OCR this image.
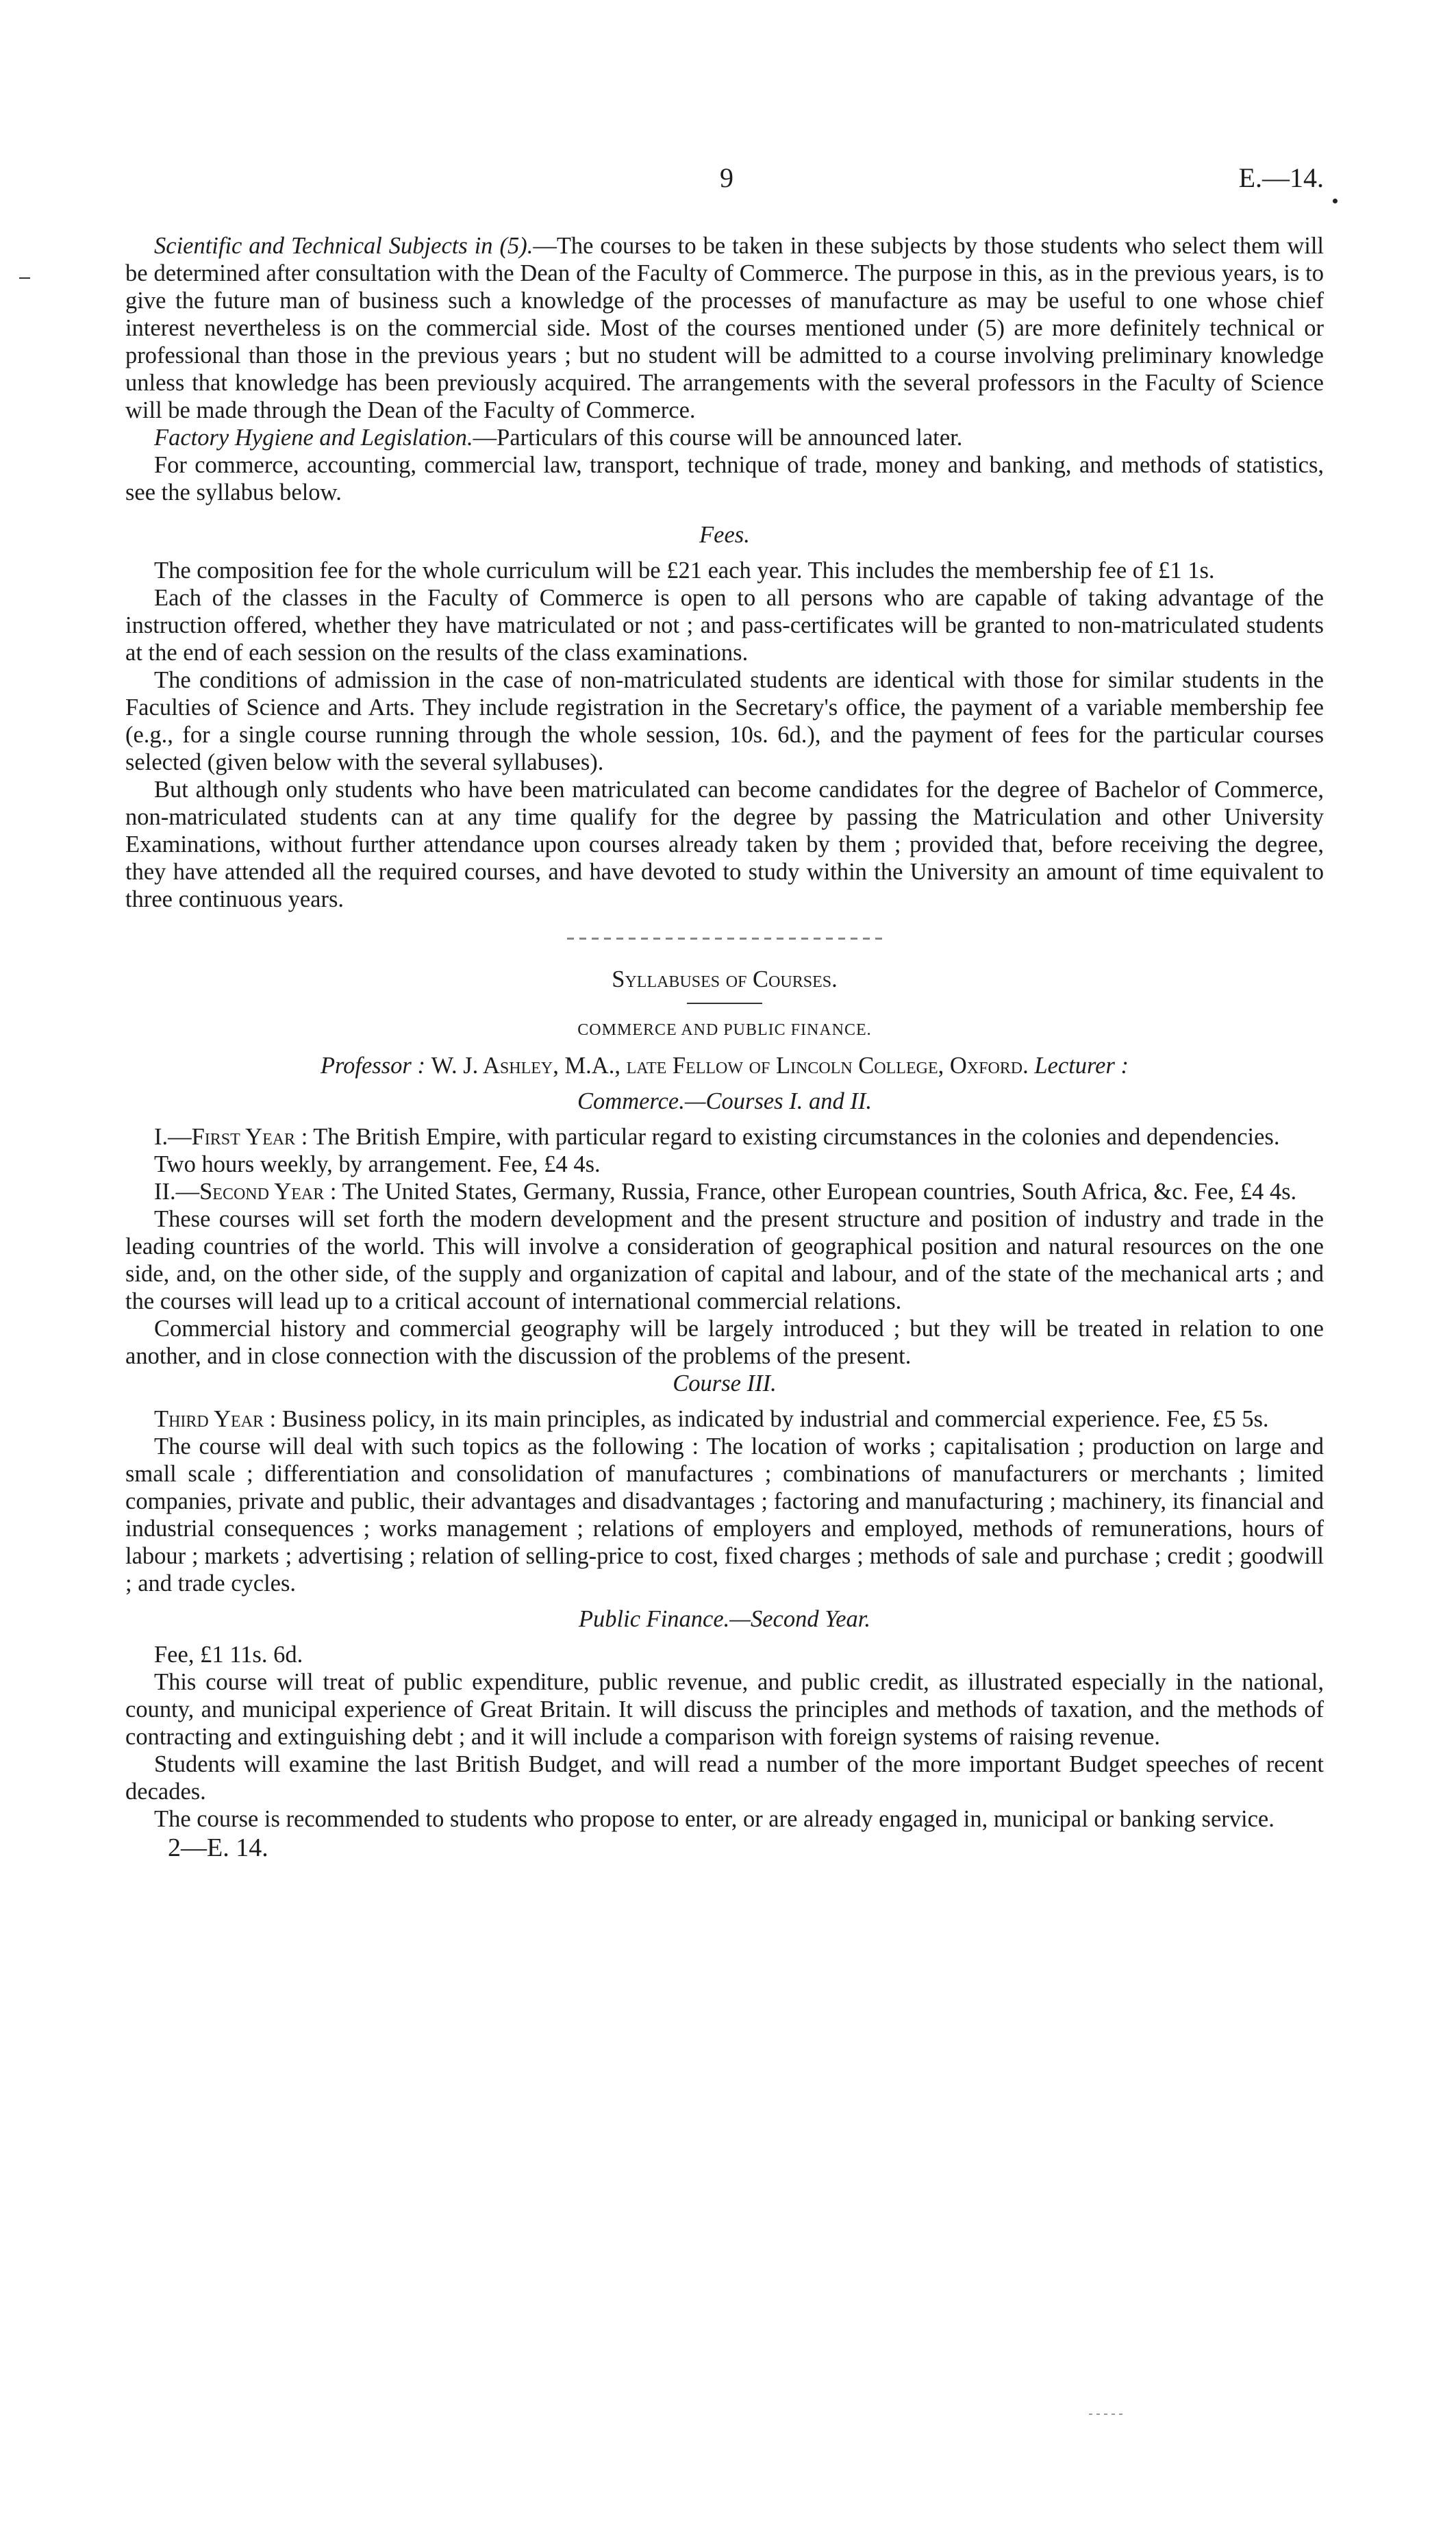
9	E.—14.

Scientific and Technical Subjects in (5).—The courses to be taken in these subjects by those students who select them will be determined after consultation with the Dean of the Faculty of Commerce. The purpose in this, as in the previous years, is to give the future man of business such a knowledge of the processes of manufacture as may be useful to one whose chief interest nevertheless is on the commercial side. Most of the courses mentioned under (5) are more definitely technical or professional than those in the previous years ; but no student will be admitted to a course involving preliminary knowledge unless that knowledge has been previously acquired. The arrangements with the several professors in the Faculty of Science will be made through the Dean of the Faculty of Commerce.

Factory Hygiene and Legislation.—Particulars of this course will be announced later.

For commerce, accounting, commercial law, transport, technique of trade, money and banking, and methods of statistics, see the syllabus below.

Fees.

The composition fee for the whole curriculum will be £21 each year. This includes the membership fee of £1 1s.

Each of the classes in the Faculty of Commerce is open to all persons who are capable of taking advantage of the instruction offered, whether they have matriculated or not ; and pass-certificates will be granted to non-matriculated students at the end of each session on the results of the class examinations.

The conditions of admission in the case of non-matriculated students are identical with those for similar students in the Faculties of Science and Arts. They include registration in the Secretary's office, the payment of a variable membership fee (e.g., for a single course running through the whole session, 10s. 6d.), and the payment of fees for the particular courses selected (given below with the several syllabuses).

But although only students who have been matriculated can become candidates for the degree of Bachelor of Commerce, non-matriculated students can at any time qualify for the degree by passing the Matriculation and other University Examinations, without further attendance upon courses already taken by them ; provided that, before receiving the degree, they have attended all the required courses, and have devoted to study within the University an amount of time equivalent to three continuous years.

Syllabuses of Courses.

COMMERCE AND PUBLIC FINANCE.

Professor : W. J. Ashley, M.A., late Fellow of Lincoln College, Oxford. Lecturer :

Commerce.—Courses I. and II.

I.—First Year : The British Empire, with particular regard to existing circumstances in the colonies and dependencies.

Two hours weekly, by arrangement. Fee, £4 4s.

II.—Second Year : The United States, Germany, Russia, France, other European countries, South Africa, &c. Fee, £4 4s.

These courses will set forth the modern development and the present structure and position of industry and trade in the leading countries of the world. This will involve a consideration of geographical position and natural resources on the one side, and, on the other side, of the supply and organization of capital and labour, and of the state of the mechanical arts ; and the courses will lead up to a critical account of international commercial relations.

Commercial history and commercial geography will be largely introduced ; but they will be treated in relation to one another, and in close connection with the discussion of the problems of the present.

Course III.

Third Year : Business policy, in its main principles, as indicated by industrial and commercial experience. Fee, £5 5s.

The course will deal with such topics as the following : The location of works ; capitalisation ; production on large and small scale ; differentiation and consolidation of manufactures ; combinations of manufacturers or merchants ; limited companies, private and public, their advantages and disadvantages ; factoring and manufacturing ; machinery, its financial and industrial consequences ; works management ; relations of employers and employed, methods of remunerations, hours of labour ; markets ; advertising ; relation of selling-price to cost, fixed charges ; methods of sale and purchase ; credit ; goodwill ; and trade cycles.

Public Finance.—Second Year.

Fee, £1 11s. 6d.

This course will treat of public expenditure, public revenue, and public credit, as illustrated especially in the national, county, and municipal experience of Great Britain. It will discuss the principles and methods of taxation, and the methods of contracting and extinguishing debt ; and it will include a comparison with foreign systems of raising revenue.

Students will examine the last British Budget, and will read a number of the more important Budget speeches of recent decades.

The course is recommended to students who propose to enter, or are already engaged in, municipal or banking service.

2—E. 14.
